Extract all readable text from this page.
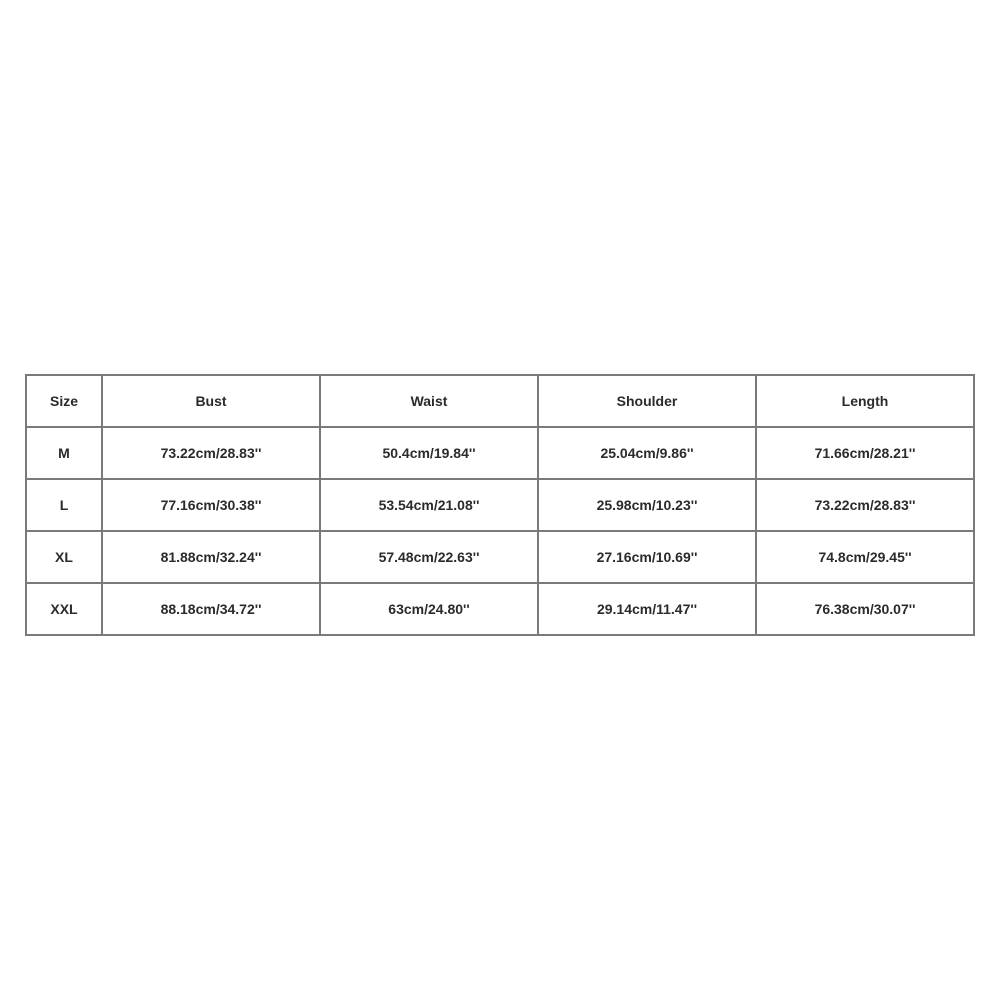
Size	Bust	Waist	Shoulder	Length
M	73.22cm/28.83''	50.4cm/19.84''	25.04cm/9.86''	71.66cm/28.21''
L	77.16cm/30.38''	53.54cm/21.08''	25.98cm/10.23''	73.22cm/28.83''
XL	81.88cm/32.24''	57.48cm/22.63''	27.16cm/10.69''	74.8cm/29.45''
XXL	88.18cm/34.72''	63cm/24.80''	29.14cm/11.47''	76.38cm/30.07''
